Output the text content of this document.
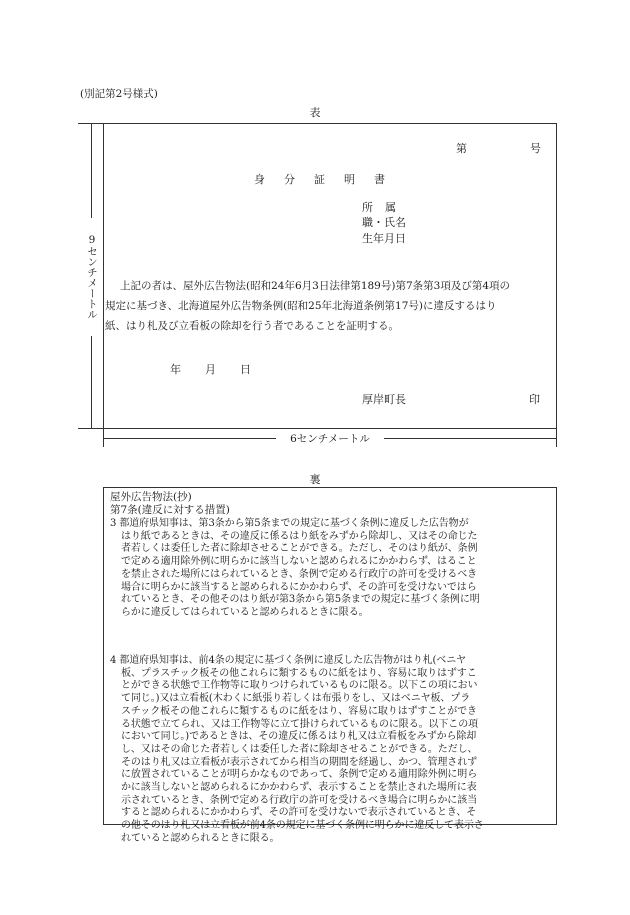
(別記第2号様式)
表
9センチメートル
6センチメートル
第	号
身分証明書
所属
職・氏名
生年月日
上記の者は、屋外広告物法(昭和24年6月3日法律第189号)第7条第3項及び第4項の
規定に基づき、北海道屋外広告物条例(昭和25年北海道条例第17号)に違反するはり
紙、はり札及び立看板の除却を行う者であることを証明する。
年 月 日
厚岸町長	印
裏
屋外広告物法(抄)
第7条(違反に対する措置)
3 都道府県知事は、第3条から第5条までの規定に基づく条例に違反した広告物が
はり紙であるときは、その違反に係るはり紙をみずから除却し、又はその命じた
者若しくは委任した者に除却させることができる。ただし、そのはり紙が、条例
で定める適用除外例に明らかに該当しないと認められるにかかわらず、はること
を禁止された場所にはられているとき、条例で定める行政庁の許可を受けるべき
場合に明らかに該当すると認められるにかかわらず、その許可を受けないではら
れているとき、その他そのはり紙が第3条から第5条までの規定に基づく条例に明
らかに違反してはられていると認められるときに限る。
4 都道府県知事は、前4条の規定に基づく条例に違反した広告物がはり札(ベニヤ
板、プラスチック板その他これらに類するものに紙をはり、容易に取りはずすこ
とができる状態で工作物等に取りつけられているものに限る。以下この項におい
て同じ。)又は立看板(木わくに紙張り若しくは布張りをし、又はベニヤ板、プラ
スチック板その他これらに類するものに紙をはり、容易に取りはずすことができ
る状態で立てられ、又は工作物等に立て掛けられているものに限る。以下この項
において同じ。)であるときは、その違反に係るはり札又は立看板をみずから除却
し、又はその命じた者若しくは委任した者に除却させることができる。ただし、
そのはり札又は立看板が表示されてから相当の期間を経過し、かつ、管理されず
に放置されていることが明らかなものであって、条例で定める適用除外例に明ら
かに該当しないと認められるにかかわらず、表示することを禁止された場所に表
示されているとき、条例で定める行政庁の許可を受けるべき場合に明らかに該当
すると認められるにかかわらず、その許可を受けないで表示されているとき、そ
の他そのはり札又は立看板が前4条の規定に基づく条例に明らかに違反して表示さ
れていると認められるときに限る。
